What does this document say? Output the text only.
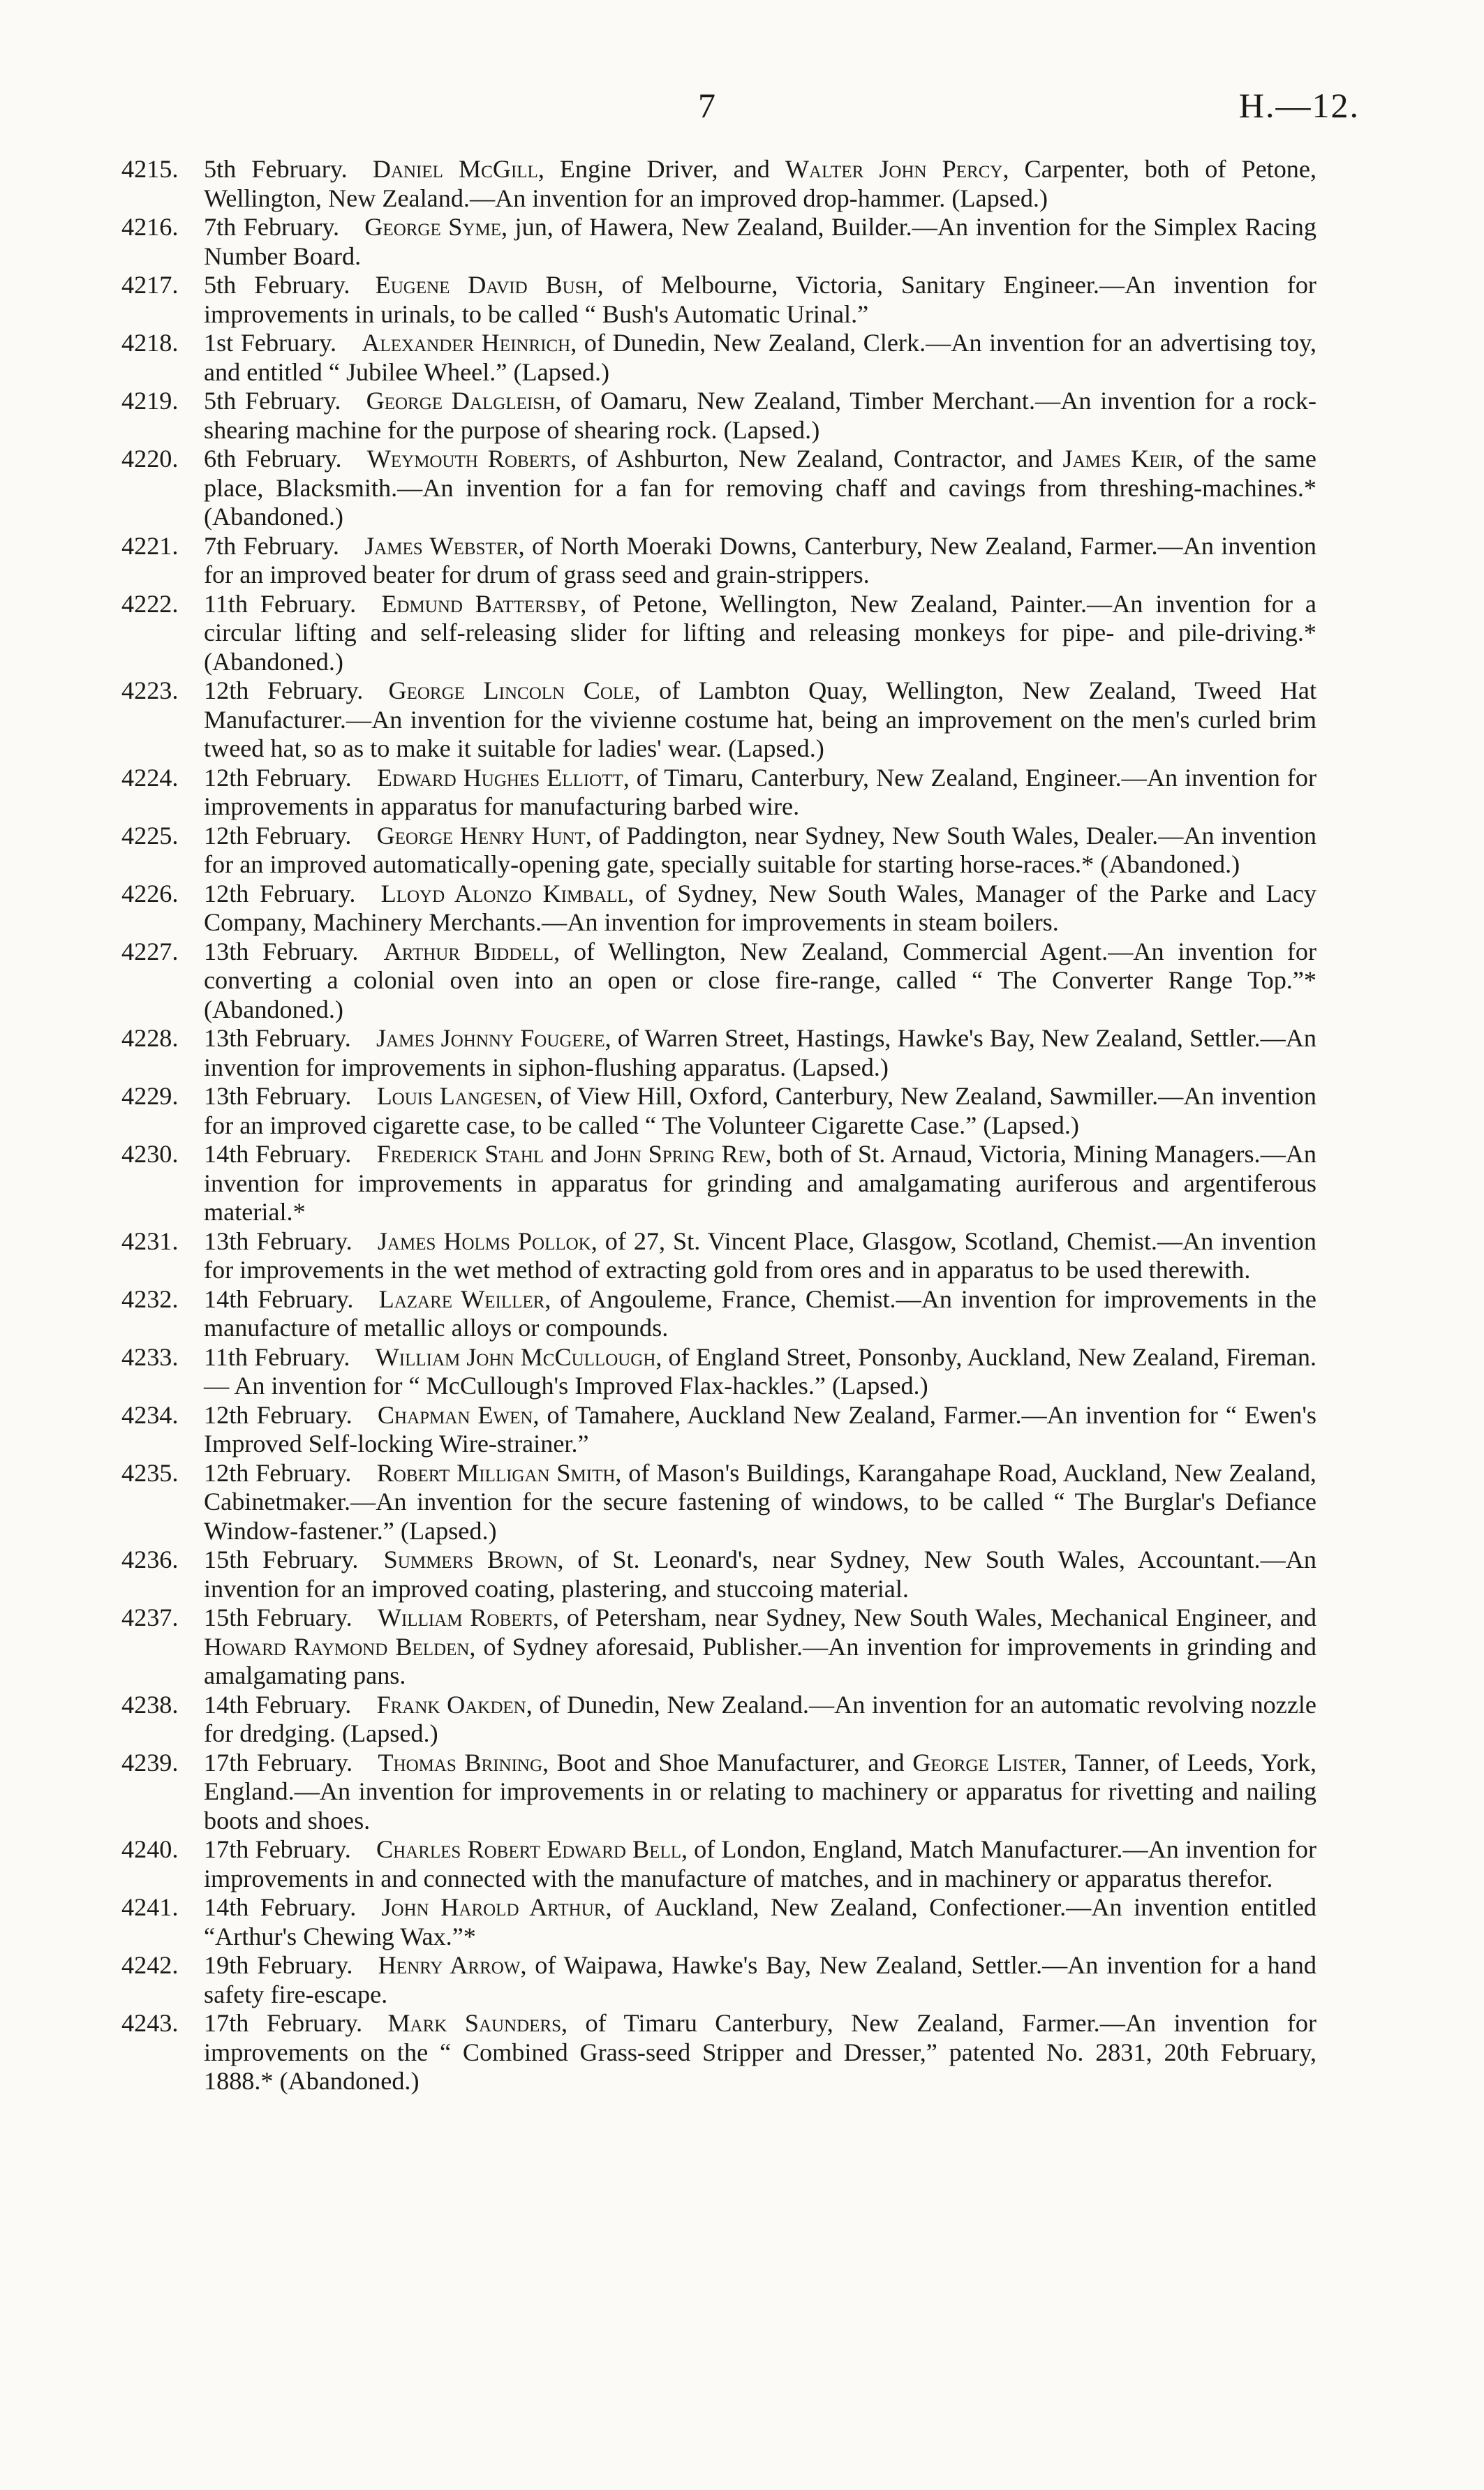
7	H.—12.
4215. 5th February.  Daniel McGill, Engine Driver, and Walter John Percy, Carpenter, both of Petone, Wellington, New Zealand.—An invention for an improved drop-hammer. (Lapsed.)
4216. 7th February.  George Syme, jun, of Hawera, New Zealand, Builder.—An invention for the Simplex Racing Number Board.
4217. 5th February.  Eugene David Bush, of Melbourne, Victoria, Sanitary Engineer.—An invention for improvements in urinals, to be called “ Bush's Automatic Urinal.”
4218. 1st February.  Alexander Heinrich, of Dunedin, New Zealand, Clerk.—An invention for an advertising toy, and entitled “ Jubilee Wheel.” (Lapsed.)
4219. 5th February.  George Dalgleish, of Oamaru, New Zealand, Timber Merchant.—An invention for a rock-shearing machine for the purpose of shearing rock. (Lapsed.)
4220. 6th February.  Weymouth Roberts, of Ashburton, New Zealand, Contractor, and James Keir, of the same place, Blacksmith.—An invention for a fan for removing chaff and cavings from threshing-machines.* (Abandoned.)
4221. 7th February.  James Webster, of North Moeraki Downs, Canterbury, New Zealand, Farmer.—An invention for an improved beater for drum of grass seed and grain-strippers.
4222. 11th February.  Edmund Battersby, of Petone, Wellington, New Zealand, Painter.—An invention for a circular lifting and self-releasing slider for lifting and releasing monkeys for pipe- and pile-driving.* (Abandoned.)
4223. 12th February.  George Lincoln Cole, of Lambton Quay, Wellington, New Zealand, Tweed Hat Manufacturer.—An invention for the vivienne costume hat, being an improvement on the men's curled brim tweed hat, so as to make it suitable for ladies' wear. (Lapsed.)
4224. 12th February.  Edward Hughes Elliott, of Timaru, Canterbury, New Zealand, Engineer.—An invention for improvements in apparatus for manufacturing barbed wire.
4225. 12th February.  George Henry Hunt, of Paddington, near Sydney, New South Wales, Dealer.—An invention for an improved automatically-opening gate, specially suitable for starting horse-races.* (Abandoned.)
4226. 12th February.  Lloyd Alonzo Kimball, of Sydney, New South Wales, Manager of the Parke and Lacy Company, Machinery Merchants.—An invention for improvements in steam boilers.
4227. 13th February.  Arthur Biddell, of Wellington, New Zealand, Commercial Agent.—An invention for converting a colonial oven into an open or close fire-range, called “ The Converter Range Top.”* (Abandoned.)
4228. 13th February.  James Johnny Fougere, of Warren Street, Hastings, Hawke's Bay, New Zealand, Settler.—An invention for improvements in siphon-flushing apparatus. (Lapsed.)
4229. 13th February.  Louis Langesen, of View Hill, Oxford, Canterbury, New Zealand, Sawmiller.—An invention for an improved cigarette case, to be called “ The Volunteer Cigarette Case.” (Lapsed.)
4230. 14th February.  Frederick Stahl and John Spring Rew, both of St. Arnaud, Victoria, Mining Managers.—An invention for improvements in apparatus for grinding and amalgamating auriferous and argentiferous material.*
4231. 13th February.  James Holms Pollok, of 27, St. Vincent Place, Glasgow, Scotland, Chemist.—An invention for improvements in the wet method of extracting gold from ores and in apparatus to be used therewith.
4232. 14th February.  Lazare Weiller, of Angouleme, France, Chemist.—An invention for improvements in the manufacture of metallic alloys or compounds.
4233. 11th February.  William John McCullough, of England Street, Ponsonby, Auckland, New Zealand, Fireman. — An invention for “ McCullough's Improved Flax-hackles.” (Lapsed.)
4234. 12th February.  Chapman Ewen, of Tamahere, Auckland New Zealand, Farmer.—An invention for “ Ewen's Improved Self-locking Wire-strainer.”
4235. 12th February.  Robert Milligan Smith, of Mason's Buildings, Karangahape Road, Auckland, New Zealand, Cabinetmaker.—An invention for the secure fastening of windows, to be called “ The Burglar's Defiance Window-fastener.” (Lapsed.)
4236. 15th February.  Summers Brown, of St. Leonard's, near Sydney, New South Wales, Accountant.—An invention for an improved coating, plastering, and stuccoing material.
4237. 15th February.  William Roberts, of Petersham, near Sydney, New South Wales, Mechanical Engineer, and Howard Raymond Belden, of Sydney aforesaid, Publisher.—An invention for improvements in grinding and amalgamating pans.
4238. 14th February.  Frank Oakden, of Dunedin, New Zealand.—An invention for an automatic revolving nozzle for dredging. (Lapsed.)
4239. 17th February.  Thomas Brining, Boot and Shoe Manufacturer, and George Lister, Tanner, of Leeds, York, England.—An invention for improvements in or relating to machinery or apparatus for rivetting and nailing boots and shoes.
4240. 17th February.  Charles Robert Edward Bell, of London, England, Match Manufacturer.—An invention for improvements in and connected with the manufacture of matches, and in machinery or apparatus therefor.
4241. 14th February.  John Harold Arthur, of Auckland, New Zealand, Confectioner.—An invention entitled “Arthur's Chewing Wax.”*
4242. 19th February.  Henry Arrow, of Waipawa, Hawke's Bay, New Zealand, Settler.—An invention for a hand safety fire-escape.
4243. 17th February.  Mark Saunders, of Timaru Canterbury, New Zealand, Farmer.—An invention for improvements on the “ Combined Grass-seed Stripper and Dresser,” patented No. 2831, 20th February, 1888.* (Abandoned.)
